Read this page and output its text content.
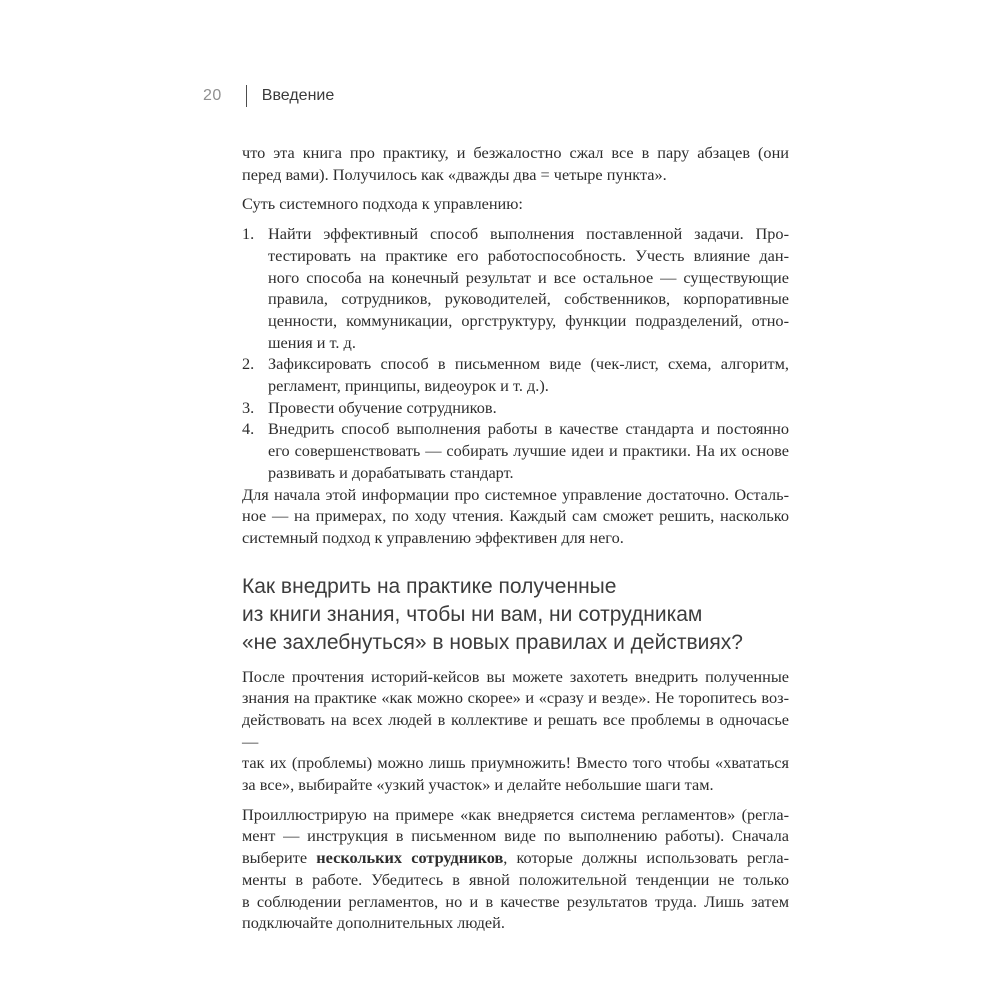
20	Введение
что эта книга про практику, и безжалостно сжал все в пару абзацев (они
перед вами). Получилось как «дважды два = четыре пункта».
Суть системного подхода к управлению:
1. Найти эффективный способ выполнения поставленной задачи. Про-
тестировать на практике его работоспособность. Учесть влияние дан-
ного способа на конечный результат и все остальное — существующие
правила, сотрудников, руководителей, собственников, корпоративные
ценности, коммуникации, оргструктуру, функции подразделений, отно-
шения и т. д.
2. Зафиксировать способ в письменном виде (чек-лист, схема, алгоритм,
регламент, принципы, видеоурок и т. д.).
3. Провести обучение сотрудников.
4. Внедрить способ выполнения работы в качестве стандарта и постоянно
его совершенствовать — собирать лучшие идеи и практики. На их основе
развивать и дорабатывать стандарт.
Для начала этой информации про системное управление достаточно. Осталь-
ное — на примерах, по ходу чтения. Каждый сам сможет решить, насколько
системный подход к управлению эффективен для него.
Как внедрить на практике полученные
из книги знания, чтобы ни вам, ни сотрудникам
«не захлебнуться» в новых правилах и действиях?
После прочтения историй-кейсов вы можете захотеть внедрить полученные
знания на практике «как можно скорее» и «сразу и везде». Не торопитесь воз-
действовать на всех людей в коллективе и решать все проблемы в одночасье —
так их (проблемы) можно лишь приумножить! Вместо того чтобы «хвататься
за все», выбирайте «узкий участок» и делайте небольшие шаги там.
Проиллюстрирую на примере «как внедряется система регламентов» (регла-
мент — инструкция в письменном виде по выполнению работы). Сначала
выберите нескольких сотрудников, которые должны использовать регла-
менты в работе. Убедитесь в явной положительной тенденции не только
в соблюдении регламентов, но и в качестве результатов труда. Лишь затем
подключайте дополнительных людей.
